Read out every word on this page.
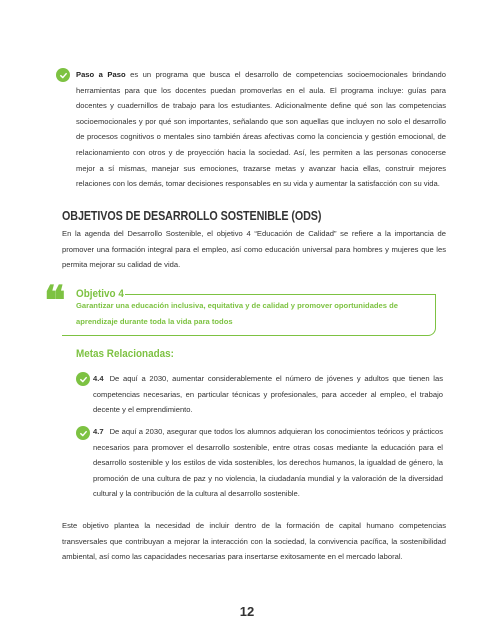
Paso a Paso es un programa que busca el desarrollo de competencias socioemocionales brindando herramientas para que los docentes puedan promoverlas en el aula. El programa incluye: guías para docentes y cuadernillos de trabajo para los estudiantes. Adicionalmente define qué son las competencias socioemocionales y por qué son importantes, señalando que son aquellas que incluyen no solo el desarrollo de procesos cognitivos o mentales sino también áreas afectivas como la conciencia y gestión emocional, de relacionamiento con otros y de proyección hacia la sociedad. Así, les permiten a las personas conocerse mejor a sí mismas, manejar sus emociones, trazarse metas y avanzar hacia ellas, construir mejores relaciones con los demás, tomar decisiones responsables en su vida y aumentar la satisfacción con su vida.
OBJETIVOS DE DESARROLLO SOSTENIBLE (ODS)
En la agenda del Desarrollo Sostenible, el objetivo 4 “Educación de Calidad” se refiere a la importancia de promover una formación integral para el empleo, así como educación universal para hombres y mujeres que les permita mejorar su calidad de vida.
❝ Objetivo 4
Garantizar una educación inclusiva, equitativa y de calidad y promover oportunidades de aprendizaje durante toda la vida para todos
Metas Relacionadas:
4.4 De aquí a 2030, aumentar considerablemente el número de jóvenes y adultos que tienen las competencias necesarias, en particular técnicas y profesionales, para acceder al empleo, el trabajo decente y el emprendimiento.
4.7 De aquí a 2030, asegurar que todos los alumnos adquieran los conocimientos teóricos y prácticos necesarios para promover el desarrollo sostenible, entre otras cosas mediante la educación para el desarrollo sostenible y los estilos de vida sostenibles, los derechos humanos, la igualdad de género, la promoción de una cultura de paz y no violencia, la ciudadanía mundial y la valoración de la diversidad cultural y la contribución de la cultura al desarrollo sostenible.
Este objetivo plantea la necesidad de incluir dentro de la formación de capital humano competencias transversales que contribuyan a mejorar la interacción con la sociedad, la convivencia pacífica, la sostenibilidad ambiental, así como las capacidades necesarias para insertarse exitosamente en el mercado laboral.
12
